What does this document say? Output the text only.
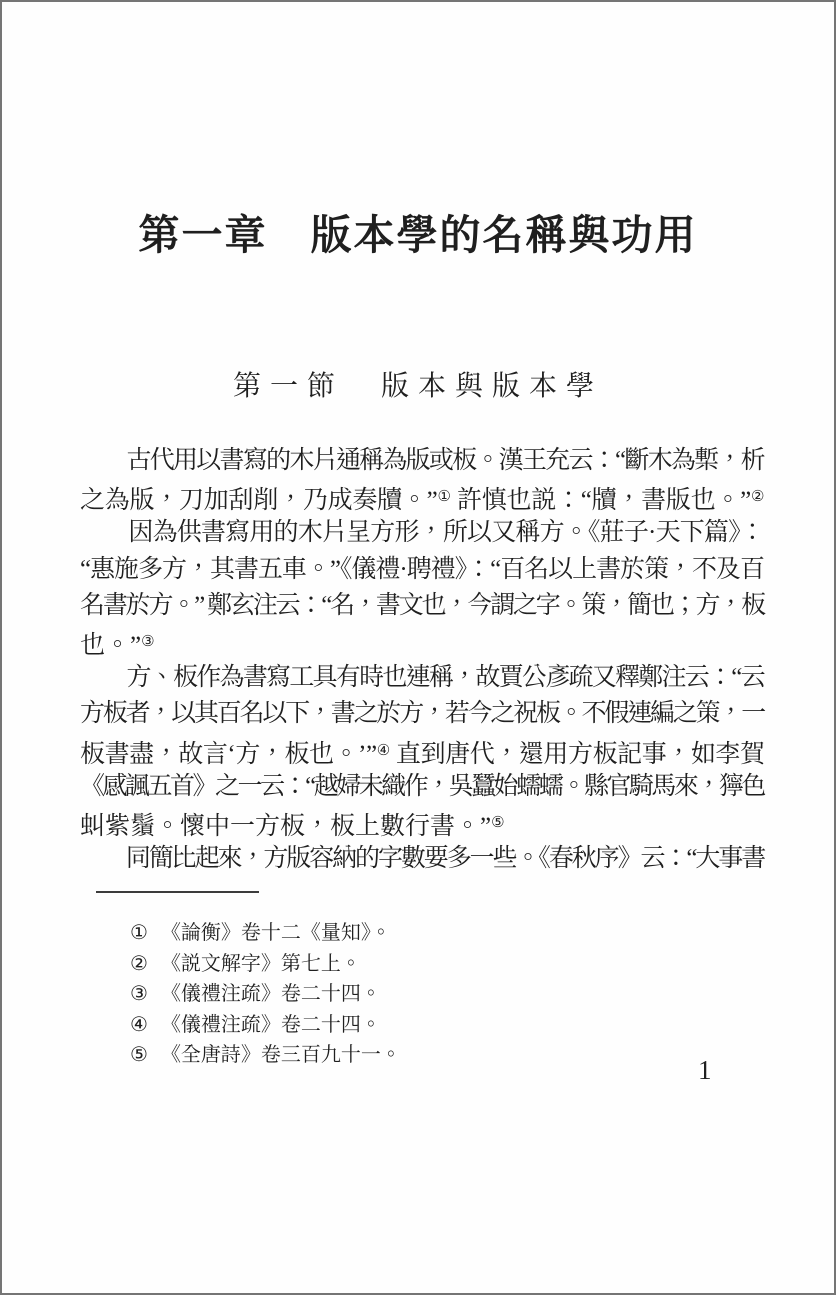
第一章　版本學的名稱與功用
第一節　版本與版本學
　　古代用以書寫的木片通稱為版或板。漢王充云：“斷木為槧，析
之為版，刀加刮削，乃成奏牘。”① 許慎也説：“牘，書版也。”②
　　因為供書寫用的木片呈方形，所以又稱方。《莊子·天下篇》：
“惠施多方，其書五車。”《儀禮·聘禮》：“百名以上書於策，不及百
名書於方。” 鄭玄注云：“名，書文也，今謂之字。策，簡也；方，板
也。”③
　　方、板作為書寫工具有時也連稱，故賈公彥疏又釋鄭注云：“云
方板者，以其百名以下，書之於方，若今之祝板。不假連編之策，一
板書盡，故言‘方，板也。’”④ 直到唐代，還用方板記事，如李賀
《感諷五首》之一云：“越婦未織作，吳蠶始蠕蠕。縣官騎馬來，獰色
虯紫鬚。懷中一方板，板上數行書。”⑤
　　同簡比起來，方版容納的字數要多一些。《春秋序》云：“大事書
① 《論衡》卷十二《量知》。
② 《説文解字》第七上。
③ 《儀禮注疏》卷二十四。
④ 《儀禮注疏》卷二十四。
⑤ 《全唐詩》卷三百九十一。	1
